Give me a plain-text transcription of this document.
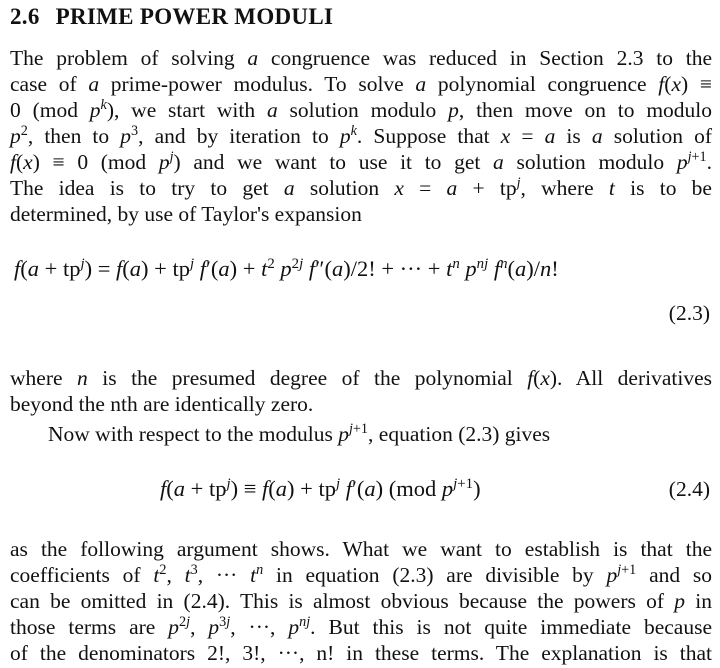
2.6 PRIME POWER MODULI
The problem of solving a congruence was reduced in Section 2.3 to the
case of a prime-power modulus. To solve a polynomial congruence f(x) ≡
0 (mod $p^k$), we start with a solution modulo p, then move on to modulo
$p^2$, then to $p^3$, and by iteration to $p^k$. Suppose that x = a is a solution of
f(x) ≡ 0 (mod $p^j$) and we want to use it to get a solution modulo $p^{j+1}$.
The idea is to try to get a solution $x = a + tp^j$, where t is to be
determined, by use of Taylor's expansion
$f(a + tp^j) = f(a) + tp^j$ $f'(a) + t^2$ $p^{2j}$ f″(a)/2! + ··· + $t^n$ $p^{nj}$ $f^n(a)/n$!
(2.3)
where n is the presumed degree of the polynomial f(x). All derivatives
beyond the nth are identically zero.
Now with respect to the modulus $p^{j+1}$, equation (2.3) gives
$f(a + tp^j) \equiv f(a) + tp^j$ f′(a) (mod $p^{j+1}$)	(2.4)
as the following argument shows. What we want to establish is that the
coefficients of $t^2$, $t^3$, ··· $t^n$ in equation (2.3) are divisible by $p^{j+1}$ and so
can be omitted in (2.4). This is almost obvious because the powers of p in
those terms are $p^{2j}$, $p^{3j}$, ···, $p^{nj}$. But this is not quite immediate because
of the denominators 2!, 3!, ···, n! in these terms. The explanation is that
